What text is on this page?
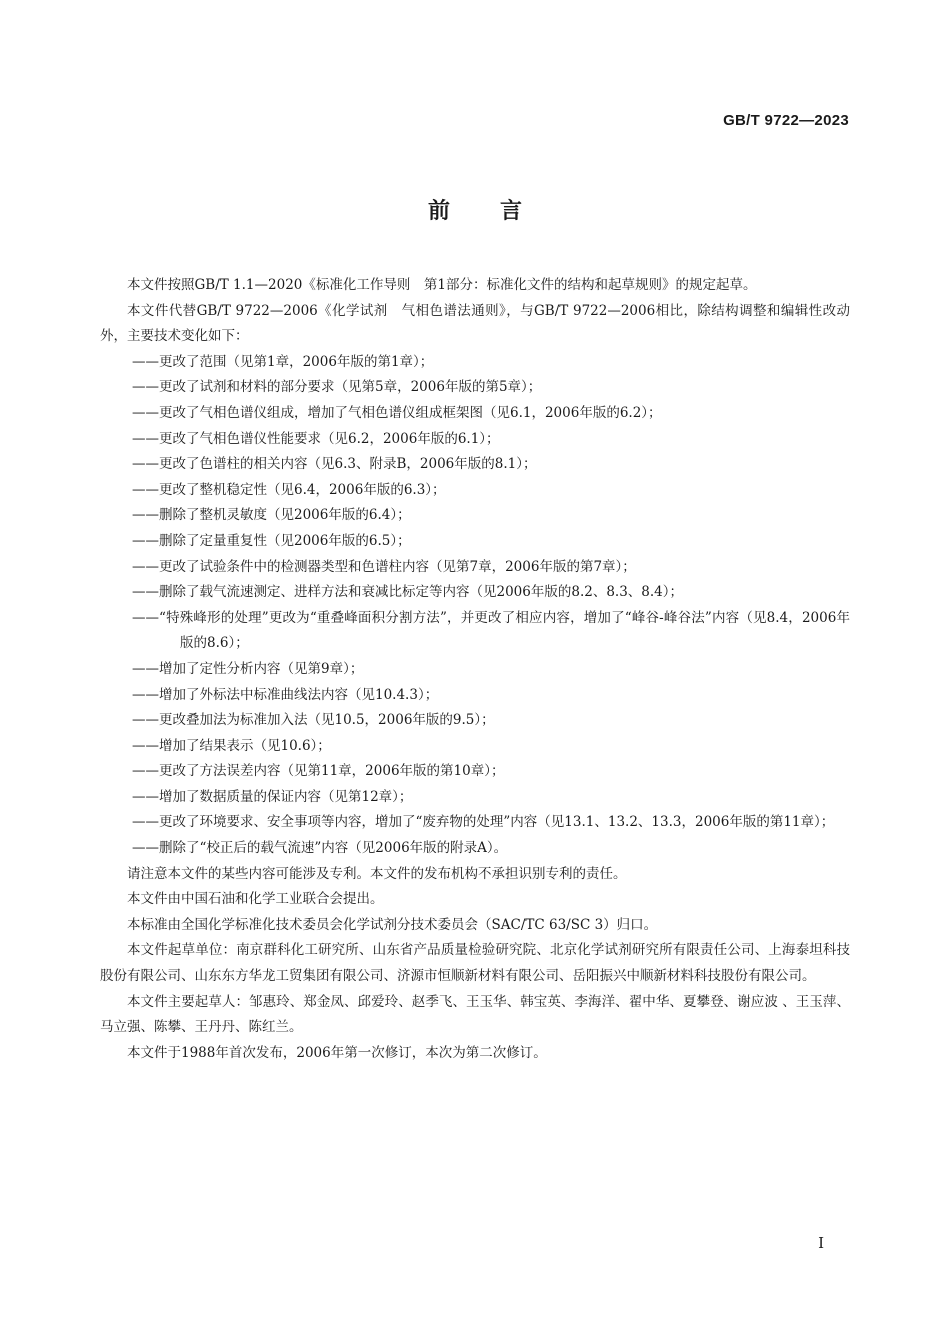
GB/T 9722—2023
前 言

本文件按照GB/T 1.1—2020《标准化工作导则　第1部分：标准化文件的结构和起草规则》的规定起草。

本文件代替GB/T 9722—2006《化学试剂　气相色谱法通则》，与GB/T 9722—2006相比，除结构调整和编辑性改动外，主要技术变化如下：

——更改了范围（见第1章，2006年版的第1章）；

——更改了试剂和材料的部分要求（见第5章，2006年版的第5章）；

——更改了气相色谱仪组成，增加了气相色谱仪组成框架图（见6.1，2006年版的6.2）；

——更改了气相色谱仪性能要求（见6.2，2006年版的6.1）；

——更改了色谱柱的相关内容（见6.3、附录B，2006年版的8.1）；

——更改了整机稳定性（见6.4，2006年版的6.3）；

——删除了整机灵敏度（见2006年版的6.4）；

——删除了定量重复性（见2006年版的6.5）；

——更改了试验条件中的检测器类型和色谱柱内容（见第7章，2006年版的第7章）；

——删除了载气流速测定、进样方法和衰减比标定等内容（见2006年版的8.2、8.3、8.4）；

——“特殊峰形的处理”更改为“重叠峰面积分割方法”，并更改了相应内容，增加了“峰谷-峰谷法”内容（见8.4，2006年版的8.6）；

——增加了定性分析内容（见第9章）；

——增加了外标法中标准曲线法内容（见10.4.3）；

——更改叠加法为标准加入法（见10.5，2006年版的9.5）；

——增加了结果表示（见10.6）；

——更改了方法误差内容（见第11章，2006年版的第10章）；

——增加了数据质量的保证内容（见第12章）；

——更改了环境要求、安全事项等内容，增加了“废弃物的处理”内容（见13.1、13.2、13.3，2006年版的第11章）；

——删除了“校正后的载气流速”内容（见2006年版的附录A）。

请注意本文件的某些内容可能涉及专利。本文件的发布机构不承担识别专利的责任。

本文件由中国石油和化学工业联合会提出。

本标准由全国化学标准化技术委员会化学试剂分技术委员会（SAC/TC 63/SC 3）归口。

本文件起草单位：南京群科化工研究所、山东省产品质量检验研究院、北京化学试剂研究所有限责任公司、上海泰坦科技股份有限公司、山东东方华龙工贸集团有限公司、济源市恒顺新材料有限公司、岳阳振兴中顺新材料科技股份有限公司。

本文件主要起草人：邹惠玲、郑金凤、邱爱玲、赵季飞、王玉华、韩宝英、李海洋、翟中华、夏攀登、谢应波 、王玉萍、马立强、陈攀、王丹丹、陈红兰。

本文件于1988年首次发布，2006年第一次修订，本次为第二次修订。

Ⅰ
